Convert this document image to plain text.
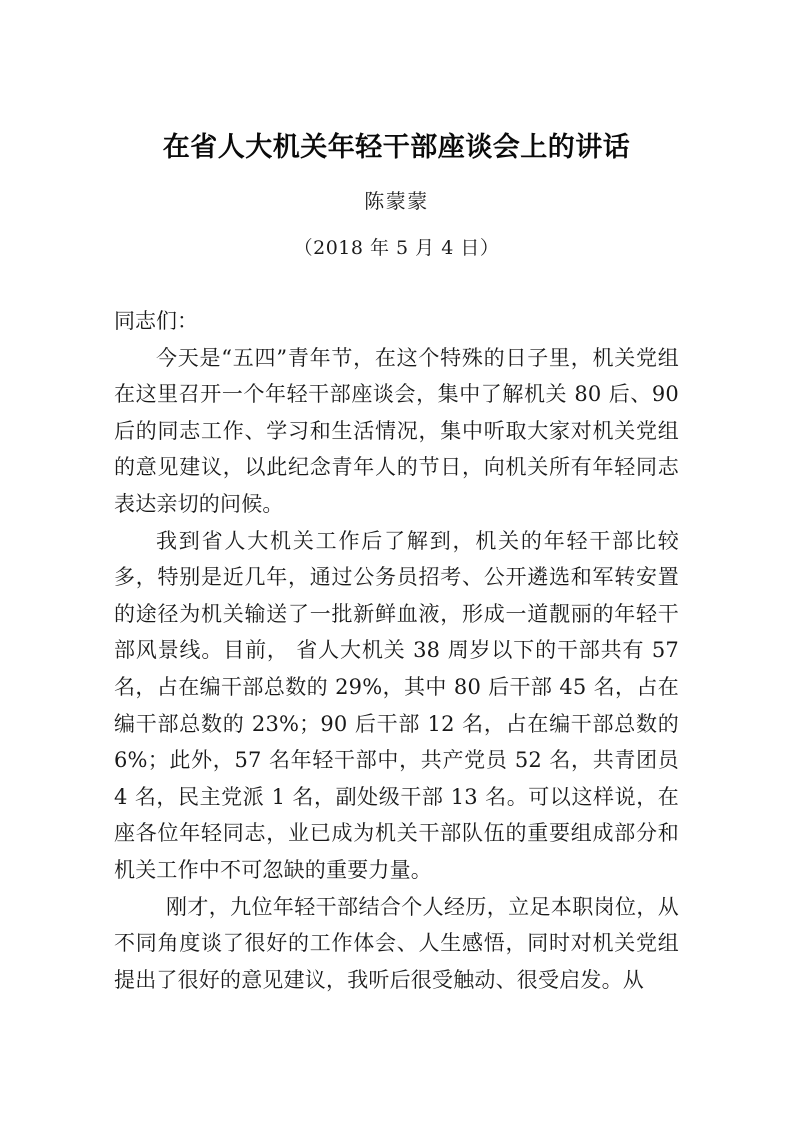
在省人大机关年轻干部座谈会上的讲话
陈蒙蒙
（2018 年 5 月 4 日）

同志们：

今天是“五四”青年节，在这个特殊的日子里，机关党组在这里召开一个年轻干部座谈会，集中了解机关 80 后、90 后的同志工作、学习和生活情况，集中听取大家对机关党组的意见建议，以此纪念青年人的节日，向机关所有年轻同志表达亲切的问候。

我到省人大机关工作后了解到，机关的年轻干部比较多，特别是近几年，通过公务员招考、公开遴选和军转安置的途径为机关输送了一批新鲜血液，形成一道靓丽的年轻干部风景线。目前， 省人大机关 38 周岁以下的干部共有 57 名，占在编干部总数的 29%，其中 80 后干部 45 名，占在编干部总数的 23%；90 后干部 12 名，占在编干部总数的 6%；此外，57 名年轻干部中，共产党员 52 名，共青团员 4 名，民主党派 1 名，副处级干部 13 名。可以这样说，在座各位年轻同志，业已成为机关干部队伍的重要组成部分和机关工作中不可忽缺的重要力量。

刚才，九位年轻干部结合个人经历，立足本职岗位，从不同角度谈了很好的工作体会、人生感悟，同时对机关党组提出了很好的意见建议，我听后很受触动、很受启发。从
